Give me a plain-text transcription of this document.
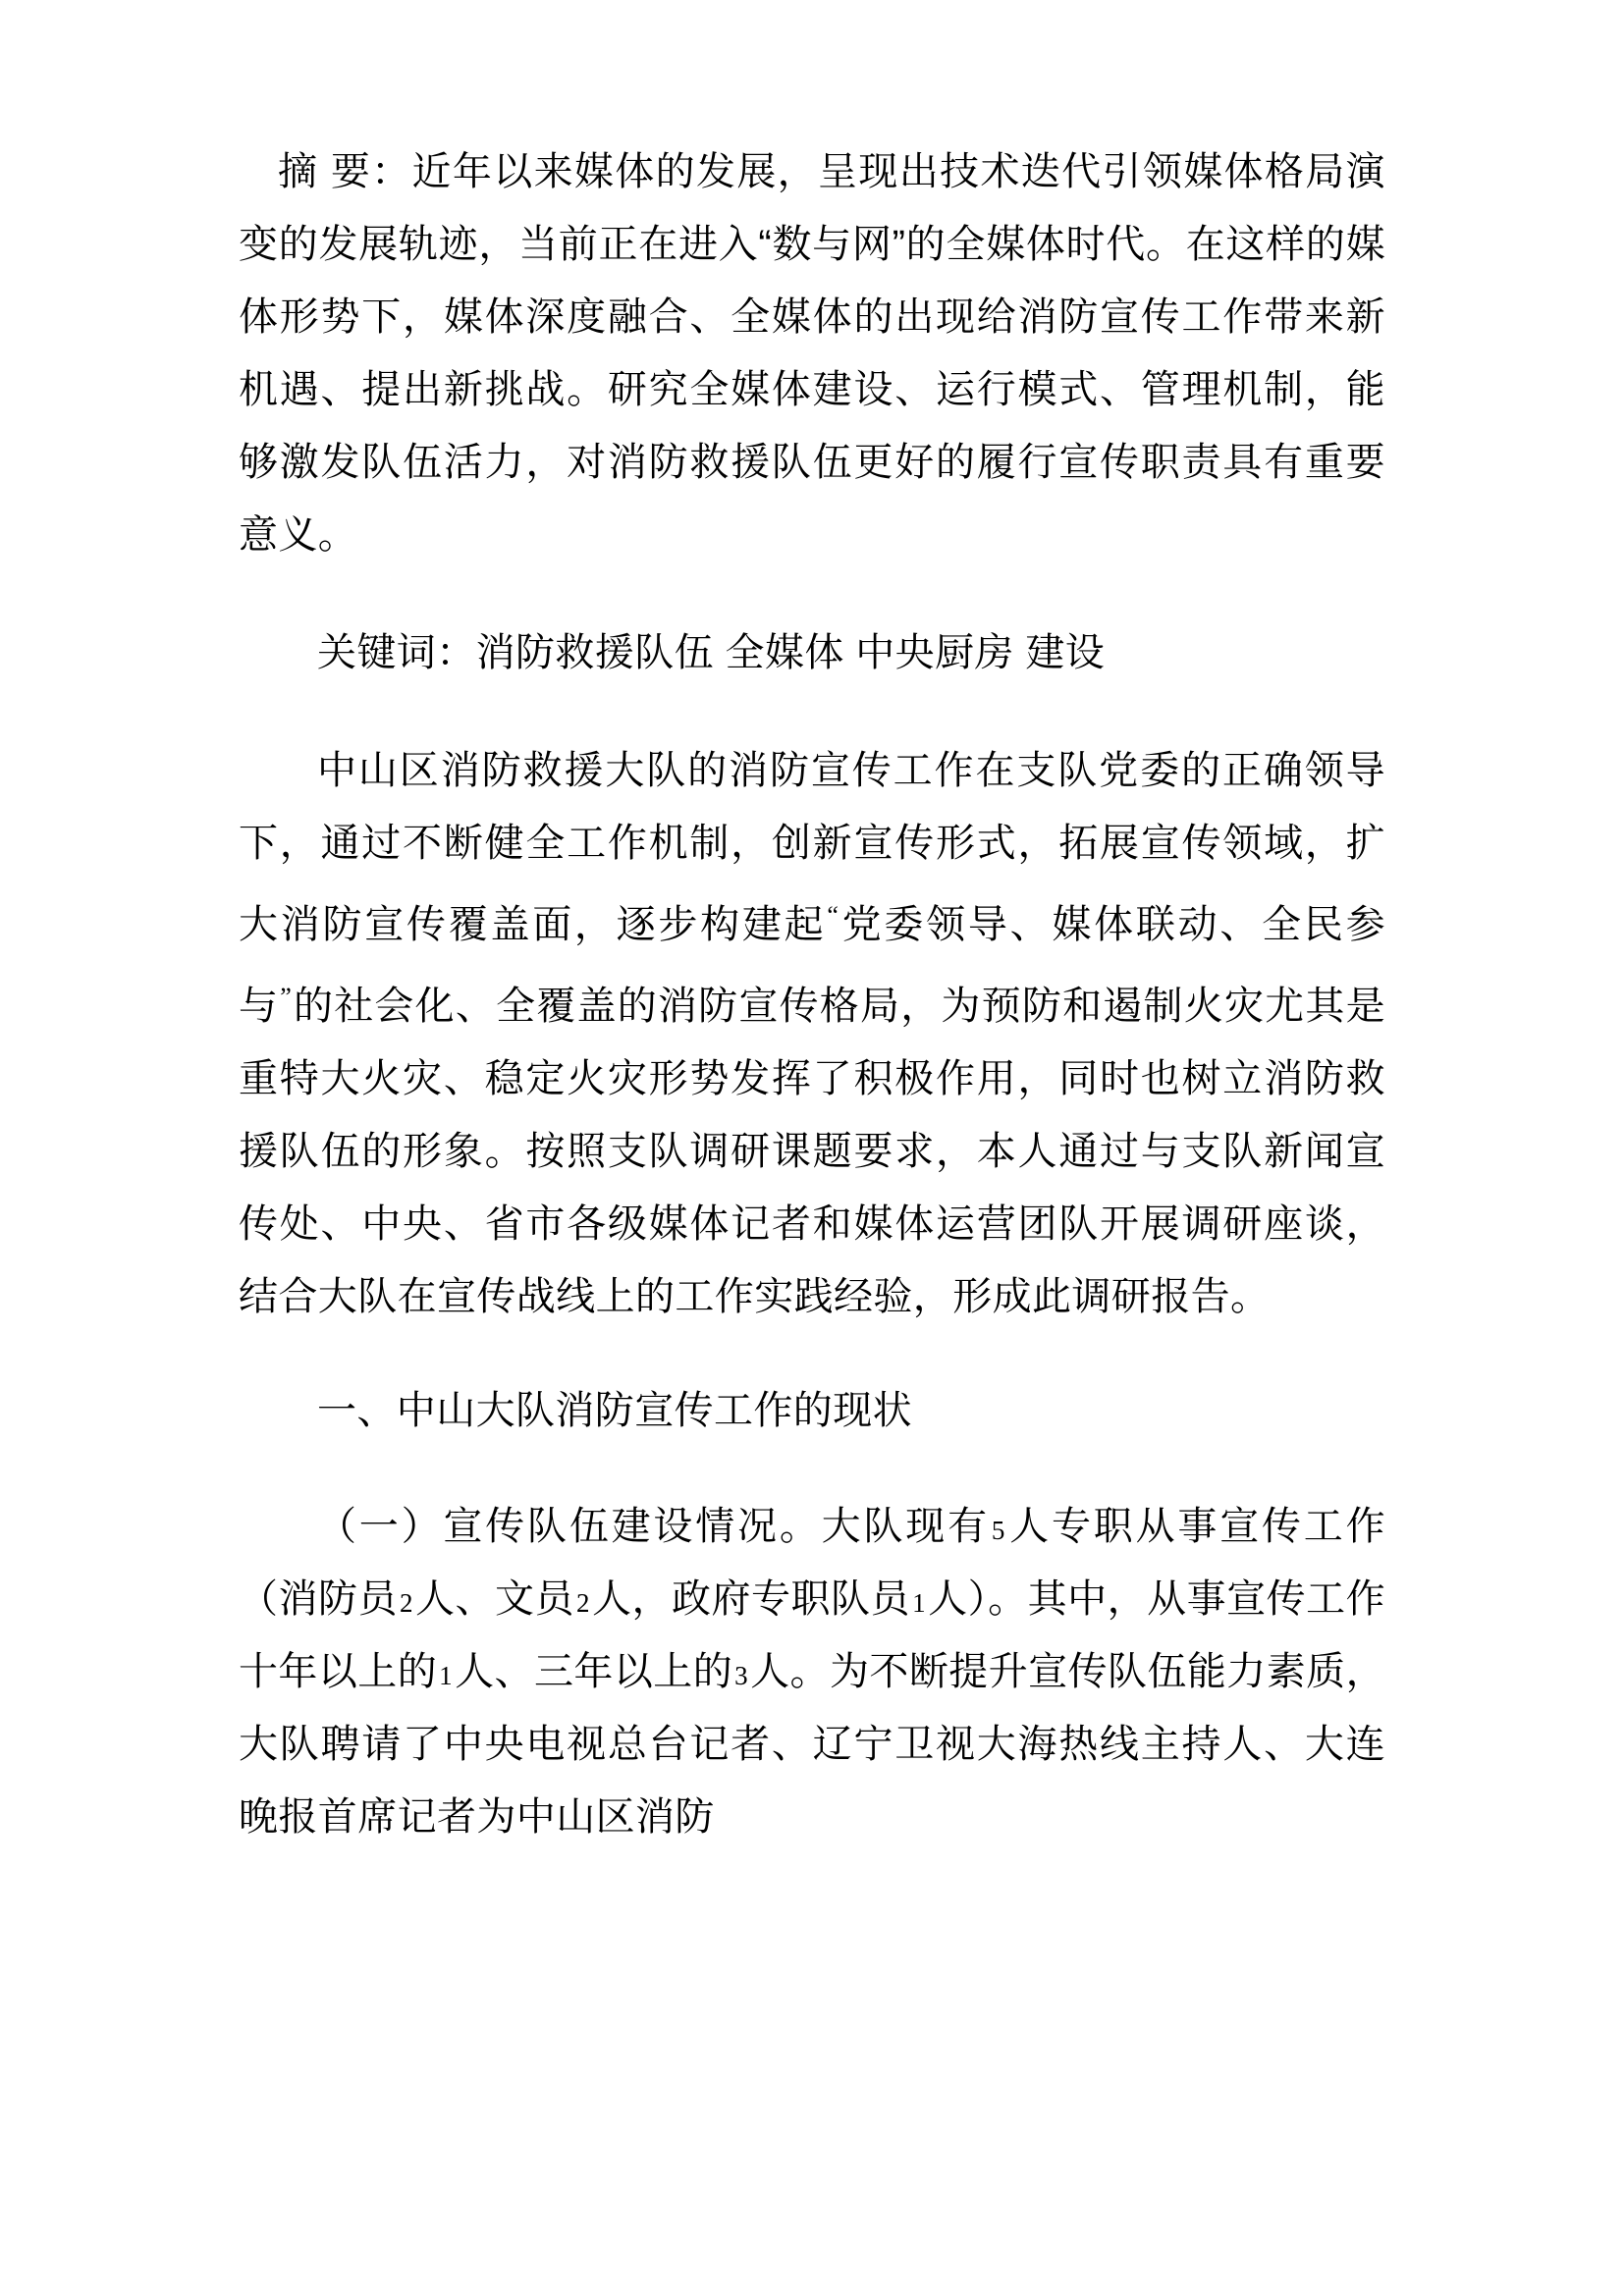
摘 要：近年以来媒体的发展，呈现出技术迭代引领媒体格局演变的发展轨迹，当前正在进入“数与网”的全媒体时代。在这样的媒体形势下，媒体深度融合、全媒体的出现给消防宣传工作带来新机遇、提出新挑战。研究全媒体建设、运行模式、管理机制，能够激发队伍活力，对消防救援队伍更好的履行宣传职责具有重要意义。

关键词：消防救援队伍 全媒体 中央厨房 建设

中山区消防救援大队的消防宣传工作在支队党委的正确领导下，通过不断健全工作机制，创新宣传形式，拓展宣传领域，扩大消防宣传覆盖面，逐步构建起“党委领导、媒体联动、全民参与”的社会化、全覆盖的消防宣传格局，为预防和遏制火灾尤其是重特大火灾、稳定火灾形势发挥了积极作用，同时也树立消防救援队伍的形象。按照支队调研课题要求，本人通过与支队新闻宣传处、中央、省市各级媒体记者和媒体运营团队开展调研座谈，结合大队在宣传战线上的工作实践经验，形成此调研报告。

一、中山大队消防宣传工作的现状

（一）宣传队伍建设情况。大队现有5人专职从事宣传工作（消防员2人、文员2人，政府专职队员1人）。其中，从事宣传工作十年以上的1人、三年以上的3人。为不断提升宣传队伍能力素质，大队聘请了中央电视总台记者、辽宁卫视大海热线主持人、大连晚报首席记者为中山区消防
